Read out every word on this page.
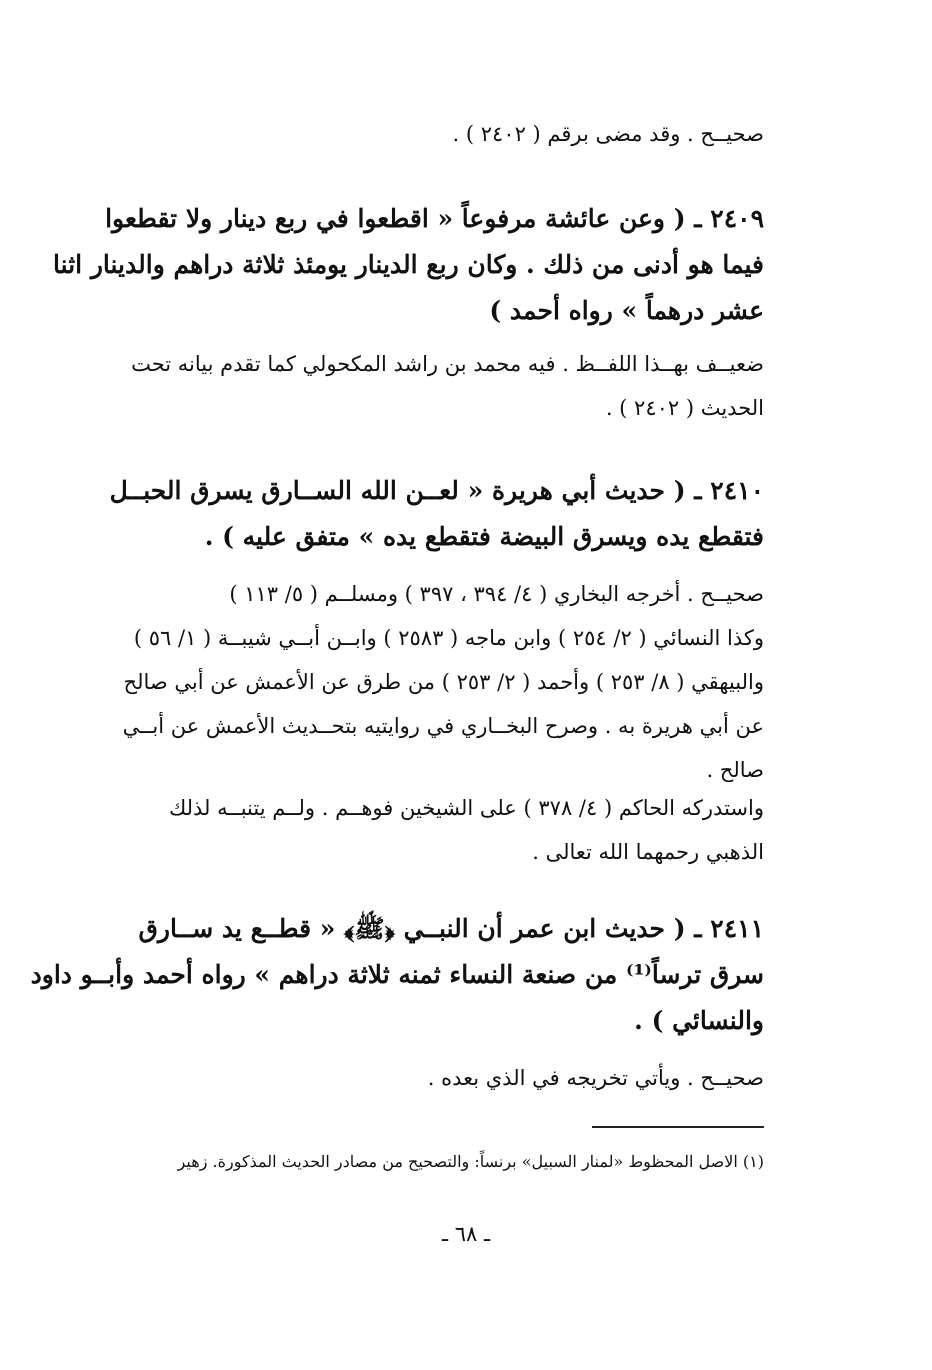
صحيــح . وقد مضى برقم ( ٢٤٠٢ ) .
٢٤٠٩ ـ ( وعن عائشة مرفوعاً « اقطعوا في ربع دينار ولا تقطعوا
فيما هو أدنى من ذلك . وكان ربع الدينار يومئذ ثلاثة دراهم والدينار اثنا
عشر درهماً » رواه أحمد )
ضعيــف بهــذا اللفــظ . فيه محمد بن راشد المكحولي كما تقدم بيانه تحت
الحديث ( ٢٤٠٢ ) .
٢٤١٠ ـ ( حديث أبي هريرة « لعــن الله الســارق يسرق الحبــل
فتقطع يده ويسرق البيضة فتقطع يده » متفق عليه ) .
صحيــح . أخرجه البخاري ( ٤/ ٣٩٤ ، ٣٩٧ ) ومسلــم ( ٥/ ١١٣ )
وكذا النسائي ( ٢/ ٢٥٤ ) وابن ماجه ( ٢٥٨٣ ) وابــن أبــي شيبــة ( ١/ ٥٦ )
والبيهقي ( ٨/ ٢٥٣ ) وأحمد ( ٢/ ٢٥٣ ) من طرق عن الأعمش عن أبي صالح
عن أبي هريرة به . وصرح البخــاري في روايتيه بتحــديث الأعمش عن أبــي
صالح .
واستدركه الحاكم ( ٤/ ٣٧٨ ) على الشيخين فوهــم . ولــم يتنبــه لذلك
الذهبي رحمهما الله تعالى .
٢٤١١ ـ ( حديث ابن عمر أن النبــي ﴿ﷺ﴾ « قطــع يد ســارق
سرق ترساً⁽¹⁾ من صنعة النساء ثمنه ثلاثة دراهم » رواه أحمد وأبــو داود
والنسائي ) .
صحيــح . ويأتي تخريجه في الذي بعده .
(١) الاصل المحظوط «لمنار السبيل» برنساً: والتصحيح من مصادر الحديث المذكورة. زهير
ـ ٦٨ ـ
